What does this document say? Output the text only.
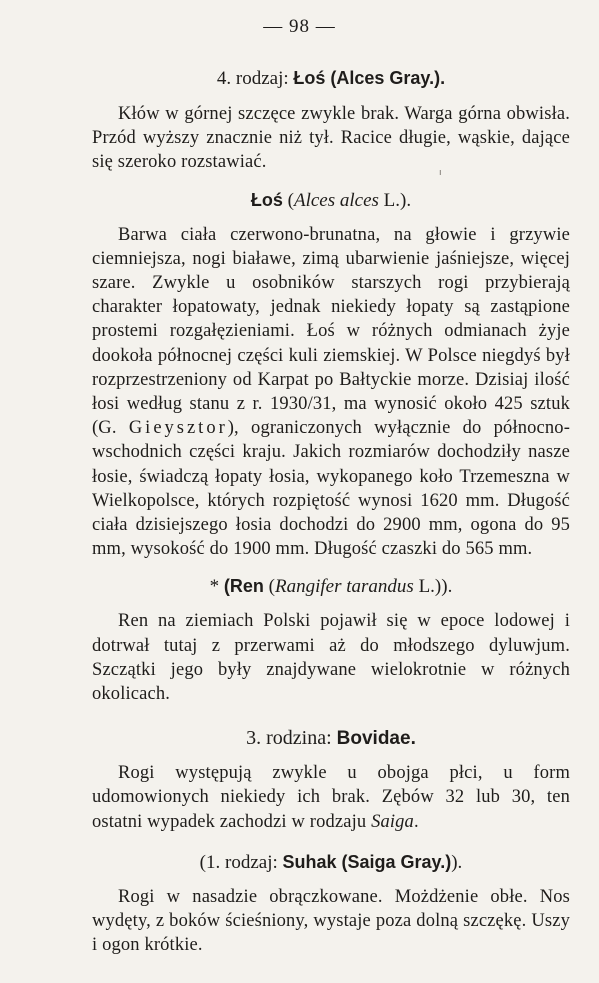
— 98 —

4. rodzaj: Łoś (Alces Gray.).

Kłów w górnej szczęce zwykle brak. Warga górna obwisła. Przód wyższy znacznie niż tył. Racice długie, wąskie, dające się szeroko rozstawiać.

Łoś (Alces alces L.).

Barwa ciała czerwono-brunatna, na głowie i grzywie ciemniejsza, nogi białawe, zimą ubarwienie jaśniejsze, więcej szare. Zwykle u osobników starszych rogi przybierają charakter łopatowaty, jednak niekiedy łopaty są zastąpione prostemi rozgałęzieniami. Łoś w różnych odmianach żyje dookoła północnej części kuli ziemskiej. W Polsce niegdyś był rozprzestrzeniony od Karpat po Bałtyckie morze. Dzisiaj ilość łosi według stanu z r. 1930/31, ma wynosić około 425 sztuk (G. Gieysztor), ograniczonych wyłącznie do północno-wschodnich części kraju. Jakich rozmiarów dochodziły nasze łosie, świadczą łopaty łosia, wykopanego koło Trzemeszna w Wielkopolsce, których rozpiętość wynosi 1620 mm. Długość ciała dzisiejszego łosia dochodzi do 2900 mm, ogona do 95 mm, wysokość do 1900 mm. Długość czaszki do 565 mm.

* (Ren (Rangifer tarandus L.)).

Ren na ziemiach Polski pojawił się w epoce lodowej i dotrwał tutaj z przerwami aż do młodszego dyluwjum. Szczątki jego były znajdywane wielokrotnie w różnych okolicach.

3. rodzina: Bovidae.

Rogi występują zwykle u obojga płci, u form udomowionych niekiedy ich brak. Zębów 32 lub 30, ten ostatni wypadek zachodzi w rodzaju Saiga.

(1. rodzaj: Suhak (Saiga Gray.)).

Rogi w nasadzie obrączkowane. Możdżenie obłe. Nos wydęty, z boków ścieśniony, wystaje poza dolną szczękę. Uszy i ogon krótkie.

ı
